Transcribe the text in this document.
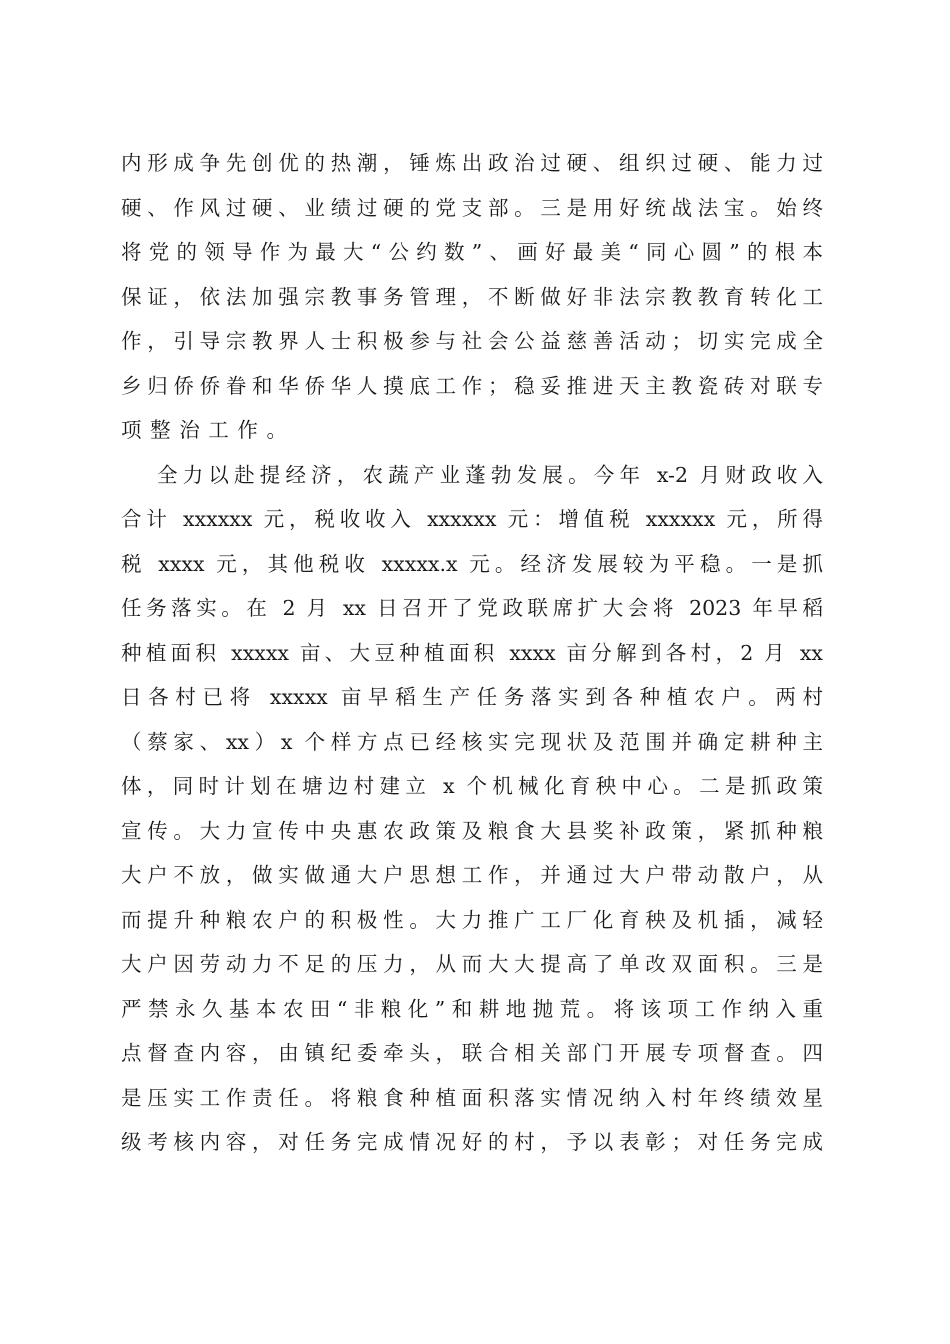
内形成争先创优的热潮，锤炼出政治过硬、组织过硬、能力过
硬、作风过硬、业绩过硬的党支部。三是用好统战法宝。始终
将党的领导作为最大“公约数”、画好最美“同心圆”的根本
保证，依法加强宗教事务管理，不断做好非法宗教教育转化工
作，引导宗教界人士积极参与社会公益慈善活动；切实完成全
乡归侨侨眷和华侨华人摸底工作；稳妥推进天主教瓷砖对联专
项整治工作。
全力以赴提经济，农蔬产业蓬勃发展。今年 x-2 月财政收入
合计 xxxxxx 元，税收收入 xxxxxx 元：增值税 xxxxxx 元，所得
税 xxxx 元，其他税收 xxxxx.x 元。经济发展较为平稳。一是抓
任务落实。在 2 月 xx 日召开了党政联席扩大会将 2023 年早稻
种植面积 xxxxx 亩、大豆种植面积 xxxx 亩分解到各村，2 月 xx
日各村已将 xxxxx 亩早稻生产任务落实到各种植农户。两村
（蔡家、xx）x 个样方点已经核实完现状及范围并确定耕种主
体，同时计划在塘边村建立 x 个机械化育秧中心。二是抓政策
宣传。大力宣传中央惠农政策及粮食大县奖补政策，紧抓种粮
大户不放，做实做通大户思想工作，并通过大户带动散户，从
而提升种粮农户的积极性。大力推广工厂化育秧及机插，减轻
大户因劳动力不足的压力，从而大大提高了单改双面积。三是
严禁永久基本农田“非粮化”和耕地抛荒。将该项工作纳入重
点督查内容，由镇纪委牵头，联合相关部门开展专项督查。四
是压实工作责任。将粮食种植面积落实情况纳入村年终绩效星
级考核内容，对任务完成情况好的村，予以表彰；对任务完成
